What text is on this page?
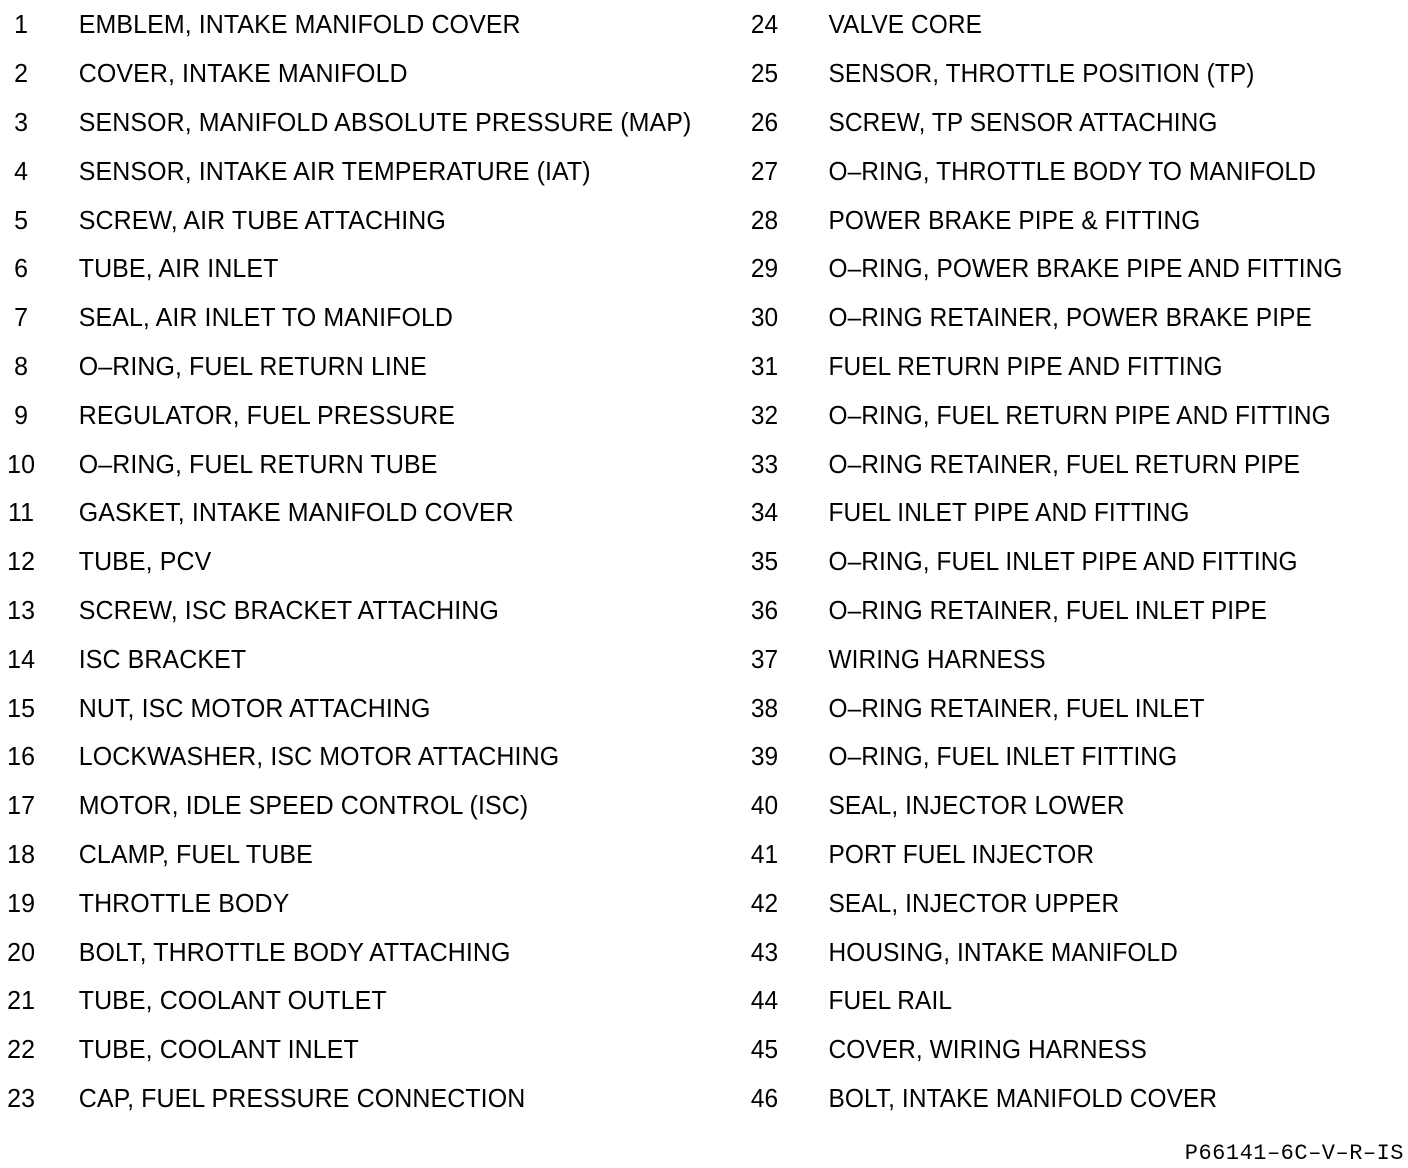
1	EMBLEM, INTAKE MANIFOLD COVER
2	COVER, INTAKE MANIFOLD
3	SENSOR, MANIFOLD ABSOLUTE PRESSURE (MAP)
4	SENSOR, INTAKE AIR TEMPERATURE (IAT)
5	SCREW, AIR TUBE ATTACHING
6	TUBE, AIR INLET
7	SEAL, AIR INLET TO MANIFOLD
8	O–RING, FUEL RETURN LINE
9	REGULATOR, FUEL PRESSURE
10 O–RING, FUEL RETURN TUBE
11	GASKET, INTAKE MANIFOLD COVER
12 TUBE, PCV
13 SCREW, ISC BRACKET ATTACHING
14 ISC BRACKET
15 NUT, ISC MOTOR ATTACHING
16 LOCKWASHER, ISC MOTOR ATTACHING
17 MOTOR, IDLE SPEED CONTROL (ISC)
18 CLAMP, FUEL TUBE
19 THROTTLE BODY
20 BOLT, THROTTLE BODY ATTACHING
21 TUBE, COOLANT OUTLET
22 TUBE, COOLANT INLET
23 CAP, FUEL PRESSURE CONNECTION
24	VALVE CORE
25	SENSOR, THROTTLE POSITION (TP)
26	SCREW, TP SENSOR ATTACHING
27	O–RING, THROTTLE BODY TO MANIFOLD
28	POWER BRAKE PIPE & FITTING
29	O–RING, POWER BRAKE PIPE AND FITTING
30	O–RING RETAINER, POWER BRAKE PIPE
31	FUEL RETURN PIPE AND FITTING
32	O–RING, FUEL RETURN PIPE AND FITTING
33	O–RING RETAINER, FUEL RETURN PIPE
34	FUEL INLET PIPE AND FITTING
35	O–RING, FUEL INLET PIPE AND FITTING
36	O–RING RETAINER, FUEL INLET PIPE
37	WIRING HARNESS
38	O–RING RETAINER, FUEL INLET
39	O–RING, FUEL INLET FITTING
40	SEAL, INJECTOR LOWER
41	PORT FUEL INJECTOR
42	SEAL, INJECTOR UPPER
43	HOUSING, INTAKE MANIFOLD
44	FUEL RAIL
45	COVER, WIRING HARNESS
46	BOLT, INTAKE MANIFOLD COVER
P66141–6C–V–R–IS
